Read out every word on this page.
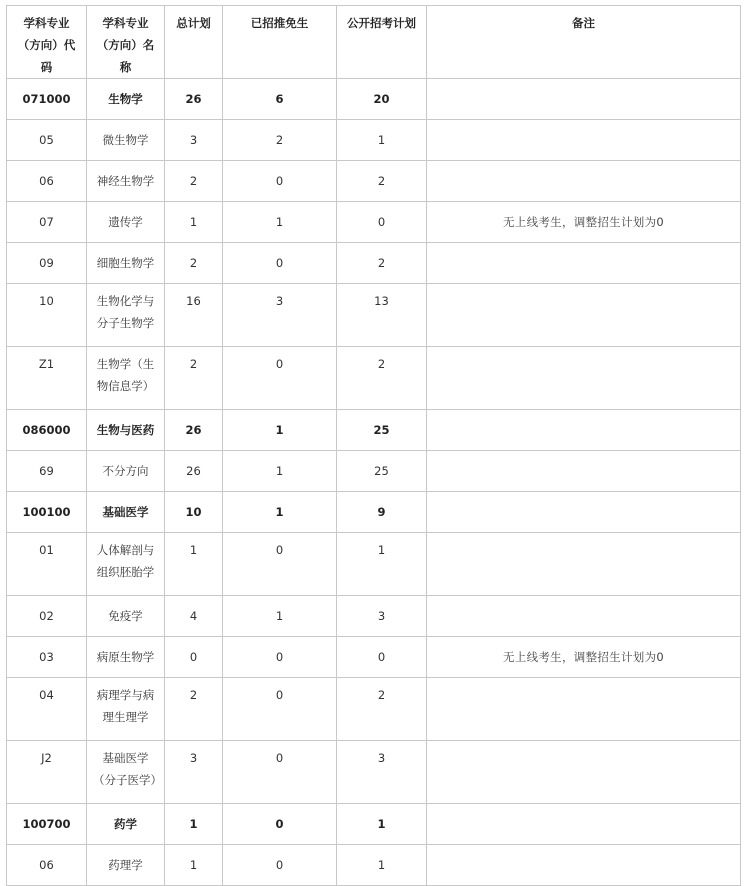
学科专业（方向）代码	学科专业（方向）名称	总计划	已招推免生	公开招考计划	备注
071000	生物学	26	6	20	
05	微生物学	3	2	1	
06	神经生物学	2	0	2	
07	遗传学	1	1	0	无上线考生，调整招生计划为0
09	细胞生物学	2	0	2	
10	生物化学与分子生物学	16	3	13	
Z1	生物学（生物信息学）	2	0	2	
086000	生物与医药	26	1	25	
69	不分方向	26	1	25	
100100	基础医学	10	1	9	
01	人体解剖与组织胚胎学	1	0	1	
02	免疫学	4	1	3	
03	病原生物学	0	0	0	无上线考生，调整招生计划为0
04	病理学与病理生理学	2	0	2	
J2	基础医学（分子医学）	3	0	3	
100700	药学	1	0	1	
06	药理学	1	0	1	
